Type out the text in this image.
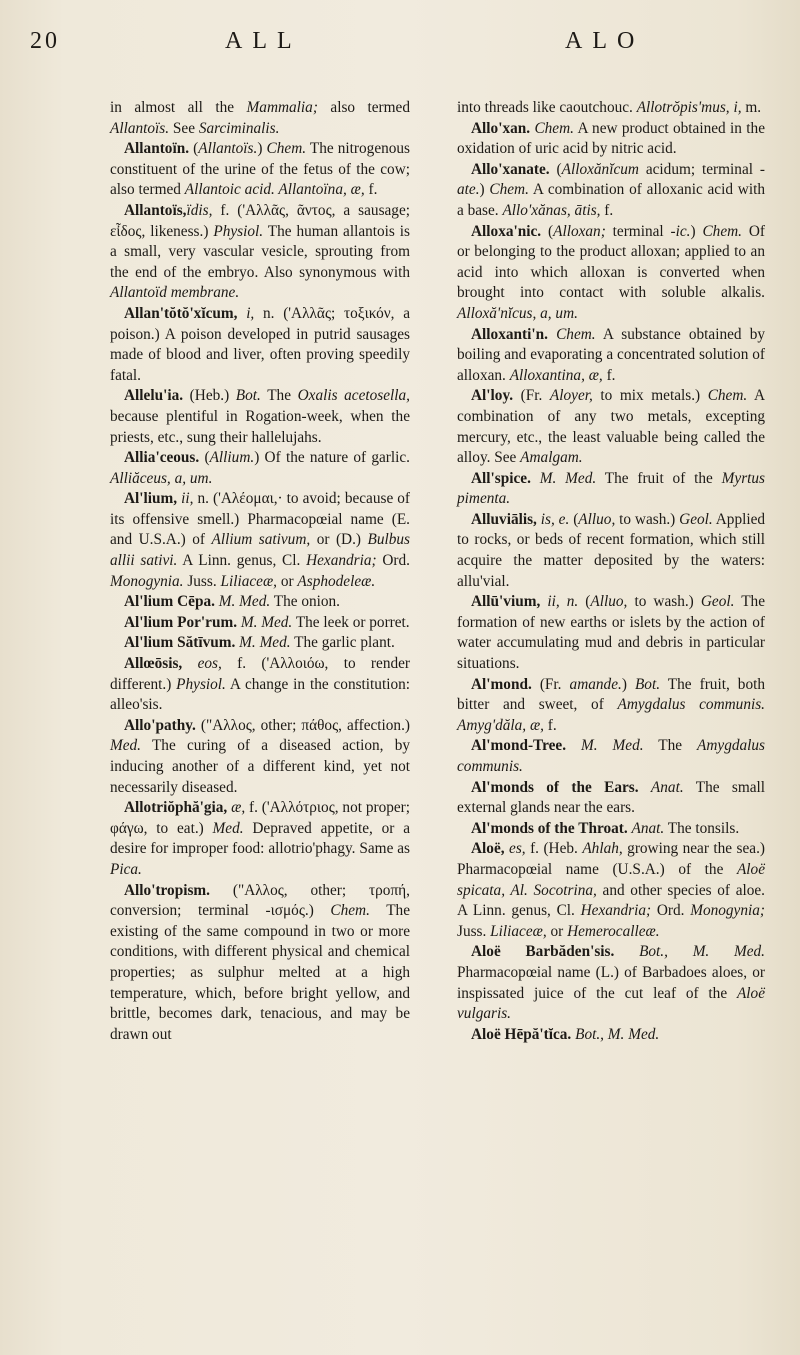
20	ALL	ALO

in almost all the Mammalia; also termed Allantoïs. See Sarciminalis.

Allantoïn. (Allantoïs.) Chem. The nitrogenous constituent of the urine of the fetus of the cow; also termed Allantoic acid. Allantoïna, æ, f.

Allantoïs,ïdis, f. ('Αλλᾶς, ᾶντος, a sausage; εἶδος, likeness.) Physiol. The human allantois is a small, very vascular vesicle, sprouting from the end of the embryo. Also synonymous with Allantoïd membrane.

Allan'tŏtŏ'xĭcum, i, n. ('Αλλᾶς; τοξικόν, a poison.) A poison developed in putrid sausages made of blood and liver, often proving speedily fatal.

Allelu'ia. (Heb.) Bot. The Oxalis acetosella, because plentiful in Rogation-week, when the priests, etc., sung their hallelujahs.

Allia'ceous. (Allium.) Of the nature of garlic. Alliăceus, a, um.

Al'lium, ii, n. ('Αλέομαι,· to avoid; because of its offensive smell.) Pharmacopœial name (E. and U.S.A.) of Allium sativum, or (D.) Bulbus allii sativi. A Linn. genus, Cl. Hexandria; Ord. Monogynia. Juss. Liliaceæ, or Asphodeleæ.

Al'lium Cēpa. M. Med. The onion.

Al'lium Por'rum. M. Med. The leek or porret.

Al'lium Sătīvum. M. Med. The garlic plant.

Allœōsis, eos, f. ('Αλλοιόω, to render different.) Physiol. A change in the constitution: alleo'sis.

Allo'pathy. ("Αλλος, other; πάθος, affection.) Med. The curing of a diseased action, by inducing another of a different kind, yet not necessarily diseased.

Allotriŏphă'gia, æ, f. ('Αλλότριος, not proper; φάγω, to eat.) Med. Depraved appetite, or a desire for improper food: allotrio'phagy. Same as Pica.

Allo'tropism. ("Αλλος, other; τροπή, conversion; terminal -ισμός.) Chem. The existing of the same compound in two or more conditions, with different physical and chemical properties; as sulphur melted at a high temperature, which, before bright yellow, and brittle, becomes dark, tenacious, and may be drawn out

into threads like caoutchouc. Allotrŏpis'mus, i, m.

Allo'xan. Chem. A new product obtained in the oxidation of uric acid by nitric acid.

Allo'xanate. (Alloxănĭcum acidum; terminal -ate.) Chem. A combination of alloxanic acid with a base. Allo'xănas, ātis, f.

Alloxa'nic. (Alloxan; terminal -ic.) Chem. Of or belonging to the product alloxan; applied to an acid into which alloxan is converted when brought into contact with soluble alkalis. Alloxă'nĭcus, a, um.

Alloxanti'n. Chem. A substance obtained by boiling and evaporating a concentrated solution of alloxan. Alloxantina, æ, f.

Al'loy. (Fr. Aloyer, to mix metals.) Chem. A combination of any two metals, excepting mercury, etc., the least valuable being called the alloy. See Amalgam.

All'spice. M. Med. The fruit of the Myrtus pimenta.

Alluviālis, is, e. (Alluo, to wash.) Geol. Applied to rocks, or beds of recent formation, which still acquire the matter deposited by the waters: allu'vial.

Allū'vium, ii, n. (Alluo, to wash.) Geol. The formation of new earths or islets by the action of water accumulating mud and debris in particular situations.

Al'mond. (Fr. amande.) Bot. The fruit, both bitter and sweet, of Amygdalus communis. Amyg'dăla, æ, f.

Al'mond-Tree. M. Med. The Amygdalus communis.

Al'monds of the Ears. Anat. The small external glands near the ears.

Al'monds of the Throat. Anat. The tonsils.

Aloë, es, f. (Heb. Ahlah, growing near the sea.) Pharmacopœial name (U.S.A.) of the Aloë spicata, Al. Socotrina, and other species of aloe. A Linn. genus, Cl. Hexandria; Ord. Monogynia; Juss. Liliaceæ, or Hemerocalleæ.

Aloë Barbăden'sis. Bot., M. Med. Pharmacopœial name (L.) of Barbadoes aloes, or inspissated juice of the cut leaf of the Aloë vulgaris.

Aloë Hēpă'tĭca. Bot., M. Med.
